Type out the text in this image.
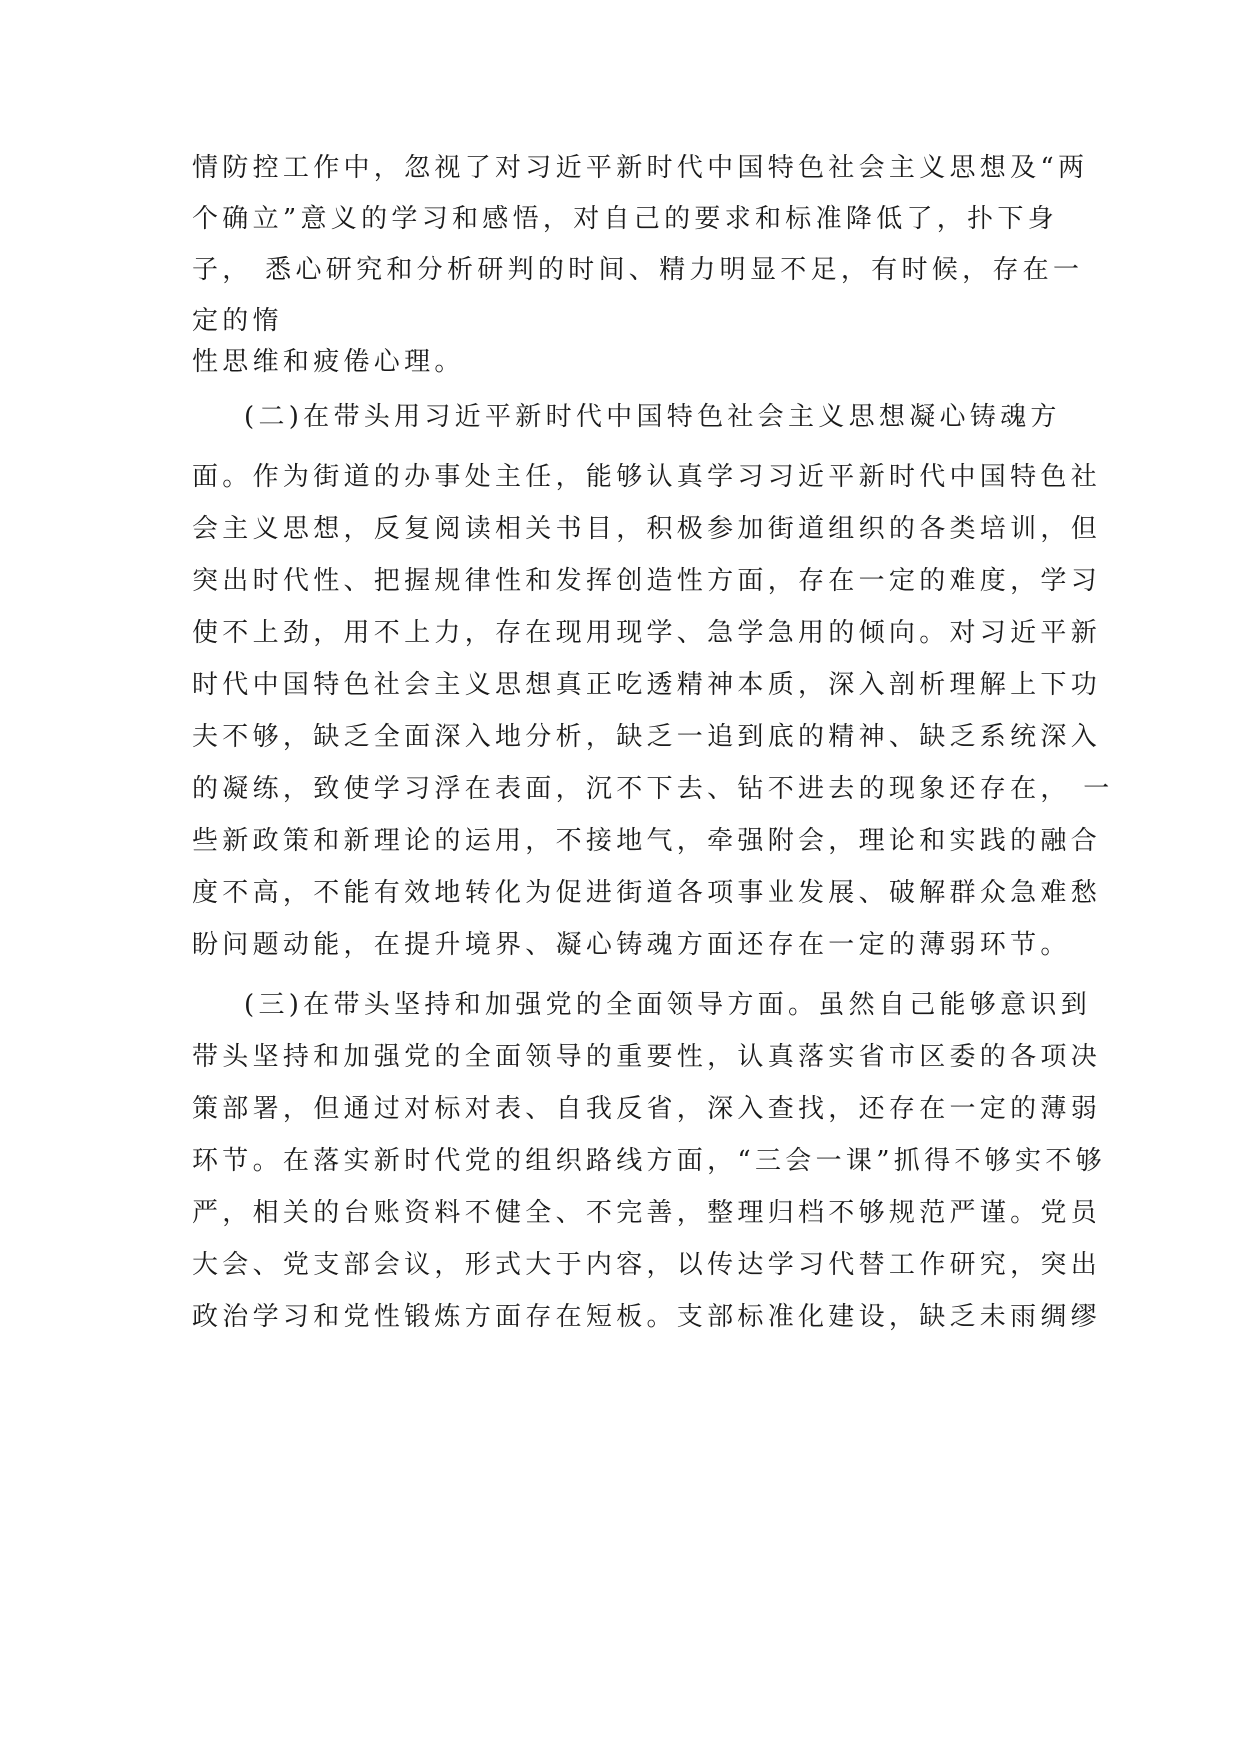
情防控工作中，忽视了对习近平新时代中国特色社会主义思想及“两
个确立”意义的学习和感悟，对自己的要求和标准降低了，扑下身
子， 悉心研究和分析研判的时间、精力明显不足，有时候，存在一
定的惰
性思维和疲倦心理。
(二)在带头用习近平新时代中国特色社会主义思想凝心铸魂方
面。作为街道的办事处主任，能够认真学习习近平新时代中国特色社
会主义思想，反复阅读相关书目，积极参加街道组织的各类培训，但
突出时代性、把握规律性和发挥创造性方面，存在一定的难度，学习
使不上劲，用不上力，存在现用现学、急学急用的倾向。对习近平新
时代中国特色社会主义思想真正吃透精神本质，深入剖析理解上下功
夫不够，缺乏全面深入地分析，缺乏一追到底的精神、缺乏系统深入
的凝练，致使学习浮在表面，沉不下去、钻不进去的现象还存在， 一
些新政策和新理论的运用，不接地气，牵强附会，理论和实践的融合
度不高，不能有效地转化为促进街道各项事业发展、破解群众急难愁
盼问题动能，在提升境界、凝心铸魂方面还存在一定的薄弱环节。
(三)在带头坚持和加强党的全面领导方面。虽然自己能够意识到
带头坚持和加强党的全面领导的重要性，认真落实省市区委的各项决
策部署，但通过对标对表、自我反省，深入查找，还存在一定的薄弱
环节。在落实新时代党的组织路线方面，“三会一课”抓得不够实不够
严，相关的台账资料不健全、不完善，整理归档不够规范严谨。党员
大会、党支部会议，形式大于内容，以传达学习代替工作研究，突出
政治学习和党性锻炼方面存在短板。支部标准化建设，缺乏未雨绸缪
